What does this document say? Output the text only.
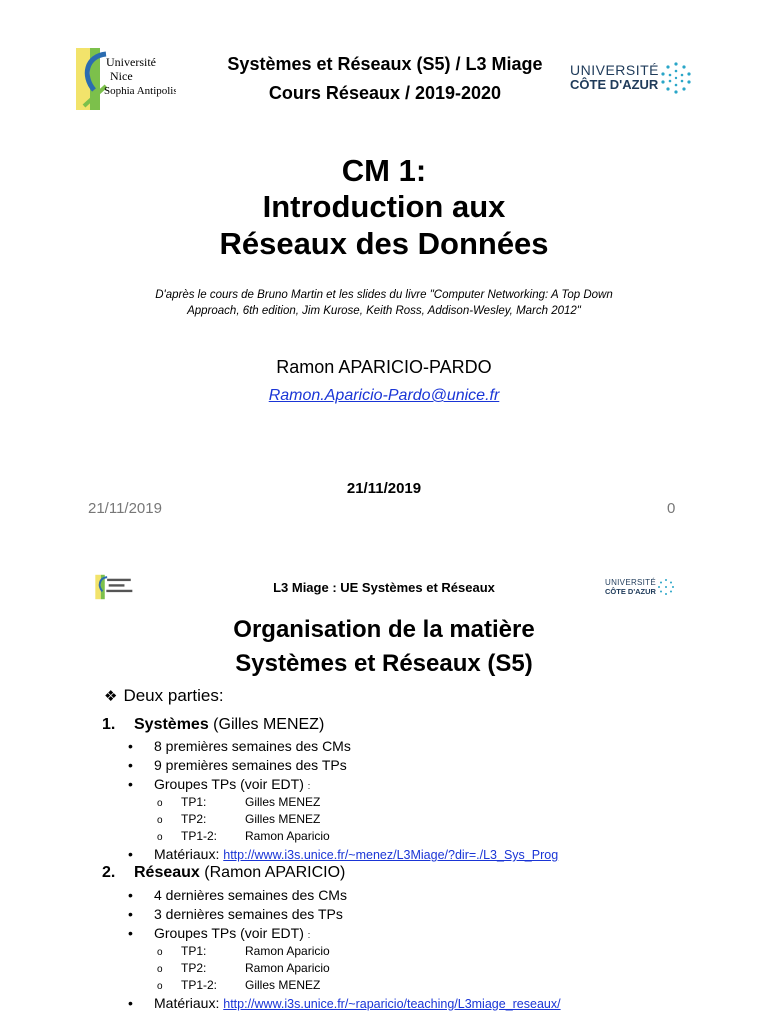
Université
Nice
Sophia Antipolis
Systèmes et Réseaux (S5) / L3 Miage
Cours Réseaux / 2019-2020
UNIVERSITÉ
CÔTE D'AZUR
CM 1:
Introduction aux
Réseaux des Données
D'après le cours de Bruno Martin et les slides du livre "Computer Networking: A Top Down
Approach, 6th edition, Jim Kurose, Keith Ross, Addison-Wesley, March 2012"
Ramon APARICIO-PARDO
Ramon.Aparicio-Pardo@unice.fr
21/11/2019
21/11/2019	0
L3 Miage : UE Systèmes et Réseaux	UNIVERSITÉ
CÔTE D'AZUR
Organisation de la matière
Systèmes et Réseaux (S5)
❖ Deux parties:
1. Systèmes (Gilles MENEZ)
• 8 premières semaines des CMs
• 9 premières semaines des TPs
• Groupes TPs (voir EDT) :
o TP1:	Gilles MENEZ
o TP2:	Gilles MENEZ
o TP1-2: Ramon Aparicio
• Matériaux: http://www.i3s.unice.fr/~menez/L3Miage/?dir=./L3_Sys_Prog
2. Réseaux (Ramon APARICIO)
• 4 dernières semaines des CMs
• 3 dernières semaines des TPs
• Groupes TPs (voir EDT) :
o TP1:	Ramon Aparicio
o TP2:	Ramon Aparicio
o TP1-2: Gilles MENEZ
• Matériaux: http://www.i3s.unice.fr/~raparicio/teaching/L3miage_reseaux/
